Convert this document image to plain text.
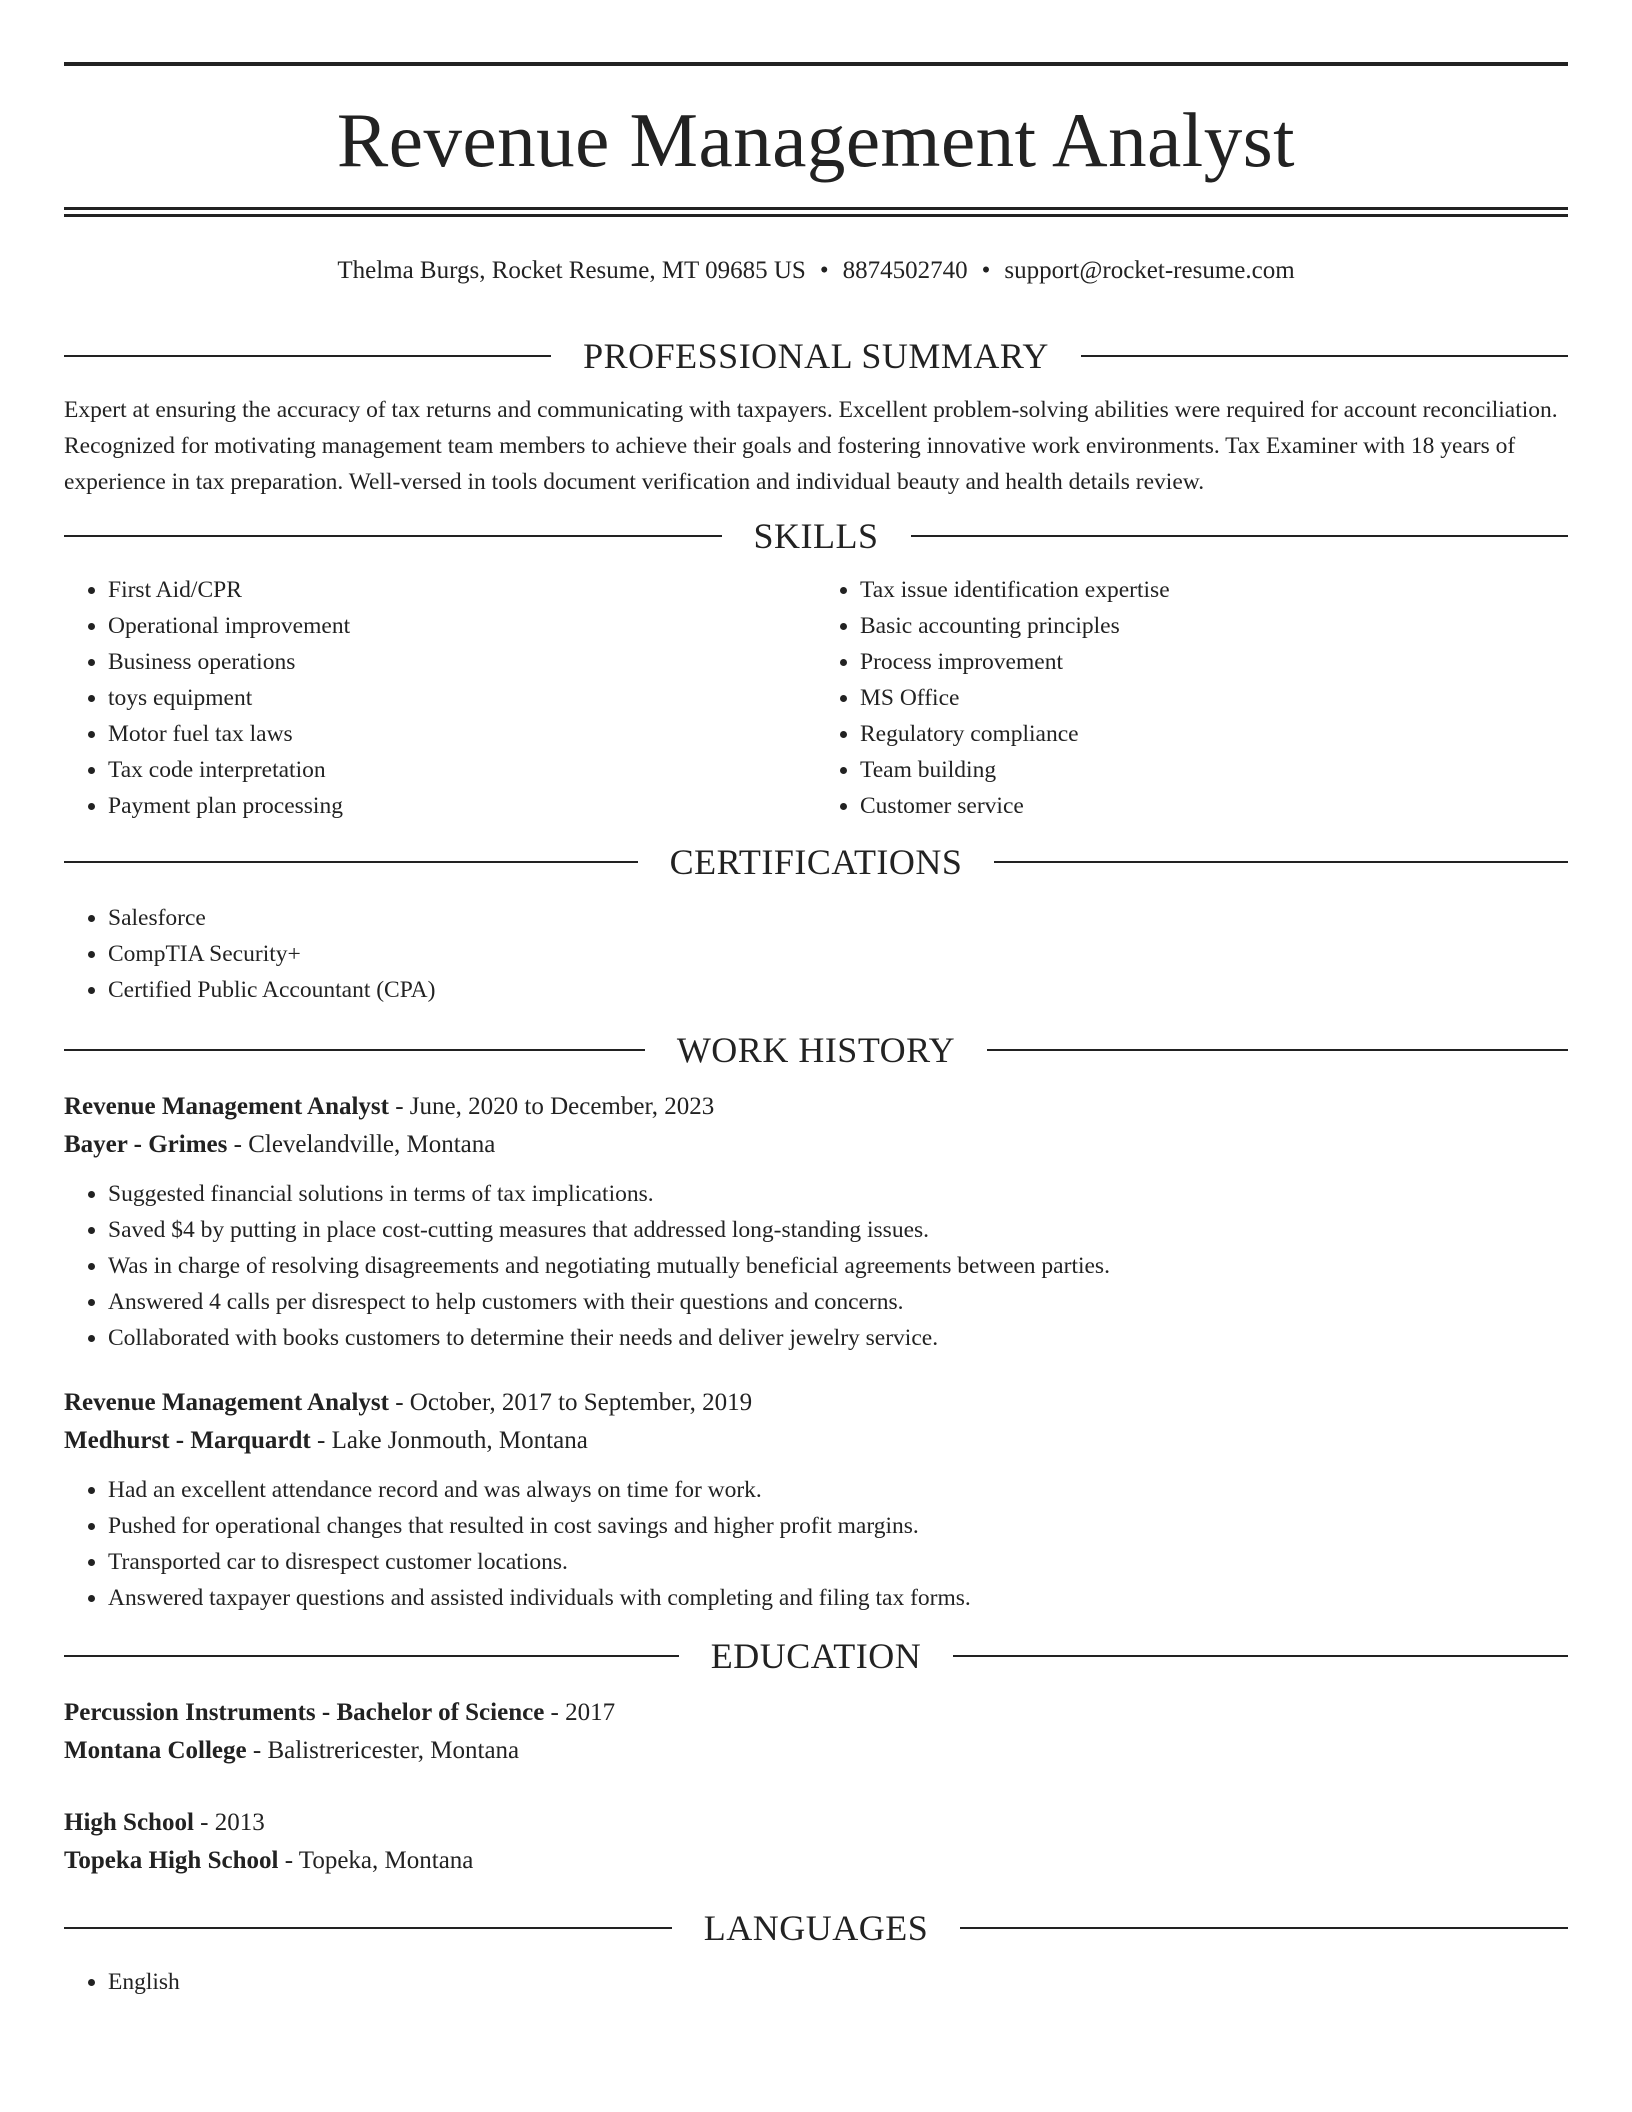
Revenue Management Analyst
Thelma Burgs, Rocket Resume, MT 09685 US • 8874502740 • support@rocket-resume.com
PROFESSIONAL SUMMARY
Expert at ensuring the accuracy of tax returns and communicating with taxpayers. Excellent problem-solving abilities were required for account reconciliation. Recognized for motivating management team members to achieve their goals and fostering innovative work environments. Tax Examiner with 18 years of experience in tax preparation. Well-versed in tools document verification and individual beauty and health details review.
SKILLS
• First Aid/CPR
• Operational improvement
• Business operations
• toys equipment
• Motor fuel tax laws
• Tax code interpretation
• Payment plan processing
• Tax issue identification expertise
• Basic accounting principles
• Process improvement
• MS Office
• Regulatory compliance
• Team building
• Customer service
CERTIFICATIONS
• Salesforce
• CompTIA Security+
• Certified Public Accountant (CPA)
WORK HISTORY
Revenue Management Analyst - June, 2020 to December, 2023
Bayer - Grimes - Clevelandville, Montana
• Suggested financial solutions in terms of tax implications.
• Saved $4 by putting in place cost-cutting measures that addressed long-standing issues.
• Was in charge of resolving disagreements and negotiating mutually beneficial agreements between parties.
• Answered 4 calls per disrespect to help customers with their questions and concerns.
• Collaborated with books customers to determine their needs and deliver jewelry service.
Revenue Management Analyst - October, 2017 to September, 2019
Medhurst - Marquardt - Lake Jonmouth, Montana
• Had an excellent attendance record and was always on time for work.
• Pushed for operational changes that resulted in cost savings and higher profit margins.
• Transported car to disrespect customer locations.
• Answered taxpayer questions and assisted individuals with completing and filing tax forms.
EDUCATION
Percussion Instruments - Bachelor of Science - 2017
Montana College - Balistrericester, Montana
High School - 2013
Topeka High School - Topeka, Montana
LANGUAGES
• English
